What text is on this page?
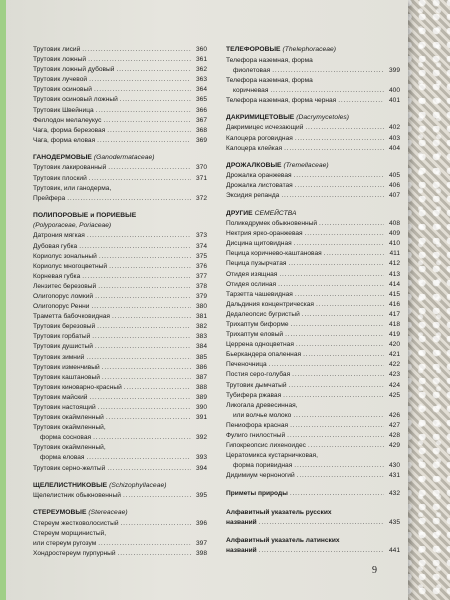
Трутовик лисий . . .	360
Трутовик ложный . . .	361
Трутовик ложный дубовый . . .	362
Трутовик лучевой . . .	363
Трутовик осиновый . . .	364
Трутовик осиновый ложный . . .	365
Трутовик Швейница . . .	366
Феллодон мелалеукус . . .	367
Чага, форма березовая . . .	368
Чага, форма еловая . . .	369
ГАНОДЕРМОВЫЕ (Ganodermataceae)
Трутовик лакированный . . .	370
Трутовик плоский . . .	371
Трутовик, или ганодерма,
Прейфера . . .	372
ПОЛИПОРОВЫЕ и ПОРИЕВЫЕ
(Polyporaceae, Poriaceae)
Датрония мягкая . . .	373
Дубовая губка . . .	374
Кориолус зональный . . .	375
Кориолус многоцветный . . .	376
Корневая губка . . .	377
Лензитес березовый . . .	378
Олигопорус ломкий . . .	379
Олигопорус Ренни . . .	380
Траметта бабочковидная . . .	381
Трутовик березовый . . .	382
Трутовик горбатый . . .	383
Трутовик душистый . . .	384
Трутовик зимний . . .	385
Трутовик изменчивый . . .	386
Трутовик каштановый . . .	387
Трутовик киноварно-красный . . .	388
Трутовик майский . . .	389
Трутовик настоящий . . .	390
Трутовик окаймленный . . .	391
Трутовик окаймленный,
форма сосновая . . .	392
Трутовик окаймленный,
форма еловая . . .	393
Трутовик серно-желтый . . .	394
ЩЕЛЕЛИСТНИКОВЫЕ (Schizophyllaceae)
Щелелистник обыкновенный . . .	395
СТЕРЕУМОВЫЕ (Stereaceae)
Стереум жестковолосистый . . .	396
Стереум морщинистый,
или стереум ругозум . . .	397
Хондростереум пурпурный . . .	398
ТЕЛЕФОРОВЫЕ (Thelephoraceae)
Телефора наземная, форма
фиолетовая . . .	399
Телефора наземная, форма
коричневая . . .	400
Телефора наземная, форма черная . . .	401
ДАКРИМИЦЕТОВЫЕ (Dacrymycetoles)
Дакримицес исчезающий . . .	402
Калоцера роговидная . . .	403
Калоцера клейкая . . .	404
ДРОЖАЛКОВЫЕ (Tremellaceae)
Дрожалка оранжевая . . .	405
Дрожалка листоватая . . .	406
Эксидия репанда . . .	407
ДРУГИЕ СЕМЕЙСТВА
Поликедрумек обыкновенный . . .	408
Нектрия ярко-оранжевая . . .	409
Дисцина щитовидная . . .	410
Пецица коричнево-каштановая . . .	411
Пецица пузырчатая . . .	412
Отидея изящная . . .	413
Отидея ослиная . . .	414
Тарзетта чашевидная . . .	415
Дальдиния концентрическая . . .	416
Дедалеопсис бугристый . . .	417
Трихаптум биформе . . .	418
Трихаптум еловый . . .	419
Церрена одноцветная . . .	420
Бьеркандера опаленная . . .	421
Печеночница . . .	422
Постия серо-голубая . . .	423
Трутовик дымчатый . . .	424
Тубифера ржавая . . .	425
Ликогала древесинная,
или волчье молоко . . .	426
Пениофора красная . . .	427
Фулиго гнилостный . . .	428
Гипокреопсис лихеноидес . . .	429
Цератомикса кустарничковая,
форма поривидная . . .	430
Дидимиум черноногий . . .	431
Приметы природы . . .	432
Алфавитный указатель русских
названий . . .	435
Алфавитный указатель латинских
названий . . .	441
9
